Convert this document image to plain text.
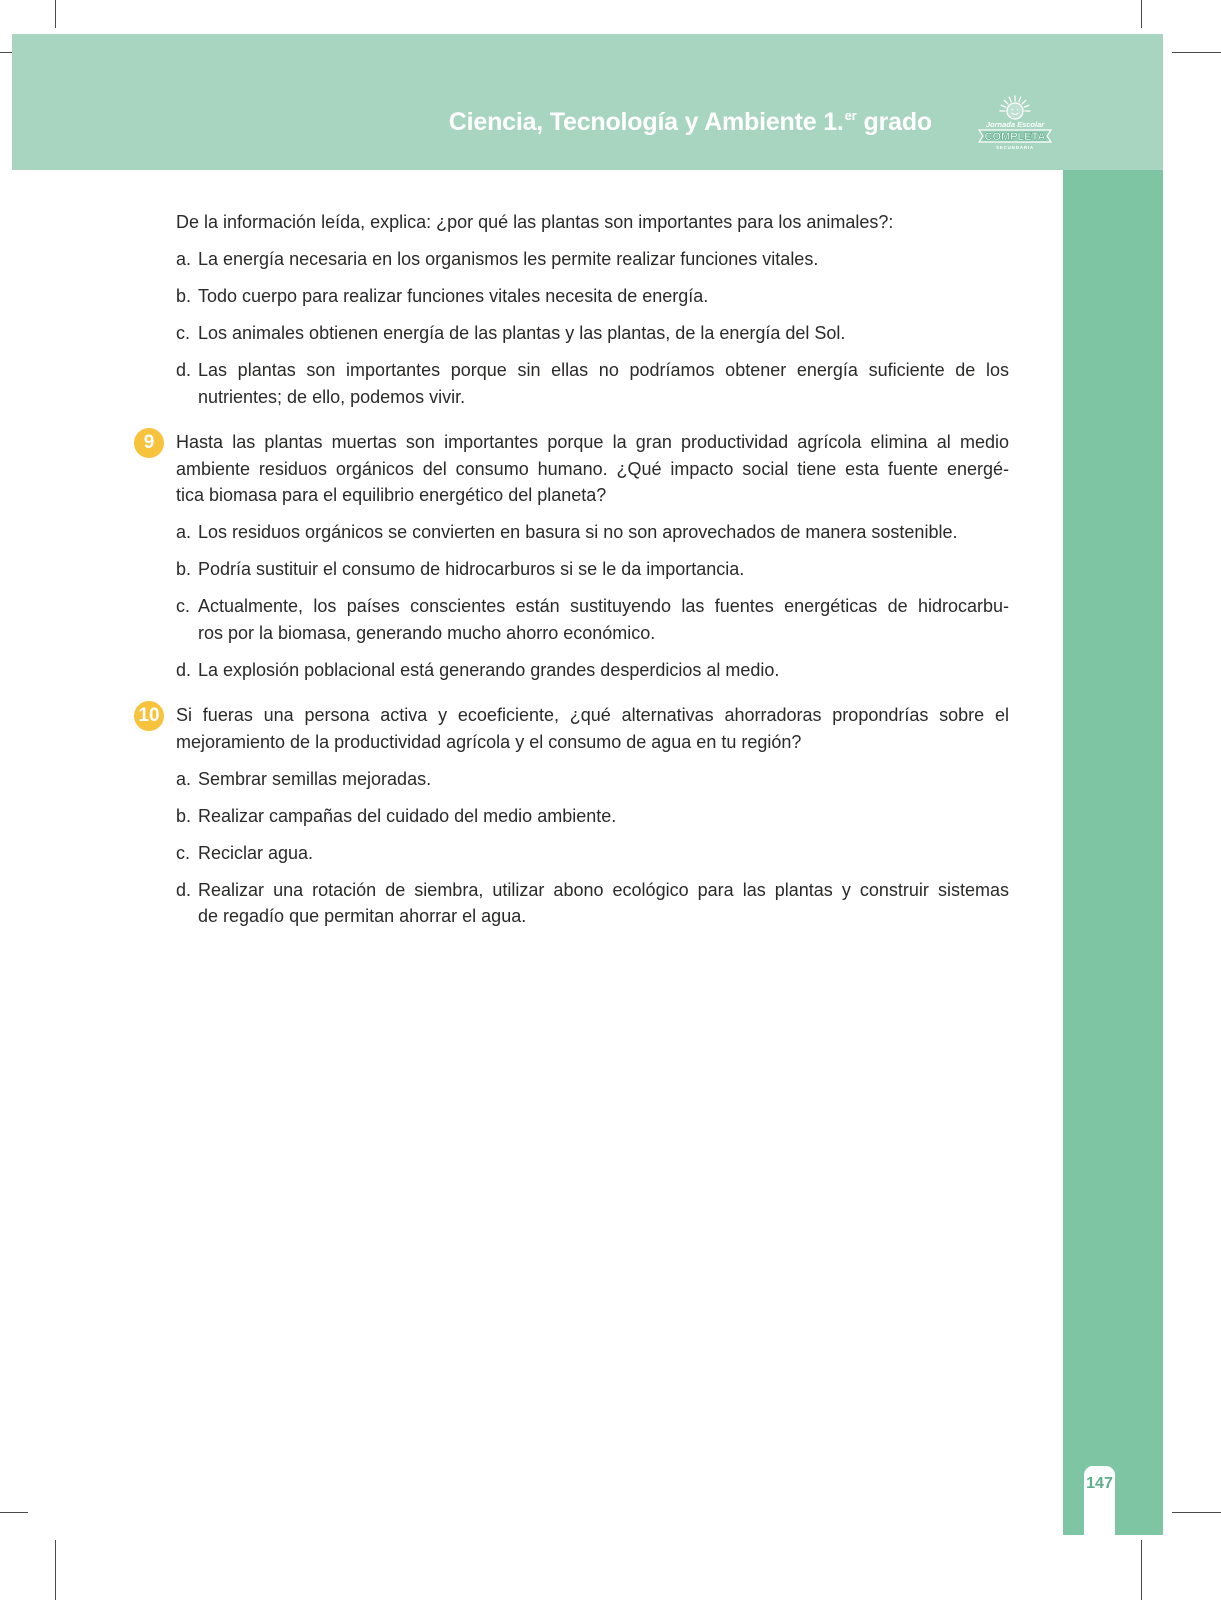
Ciencia, Tecnología y Ambiente 1.$^{er}$ grado	Jornada Escolar
COMPLETA
SECUNDARIA
De la información leída, explica: ¿por qué las plantas son importantes para los animales?:
a. La energía necesaria en los organismos les permite realizar funciones vitales.
b. Todo cuerpo para realizar funciones vitales necesita de energía.
c. Los animales obtienen energía de las plantas y las plantas, de la energía del Sol.
d. Las plantas son importantes porque sin ellas no podríamos obtener energía suficiente de los
nutrientes; de ello, podemos vivir.
9	Hasta las plantas muertas son importantes porque la gran productividad agrícola elimina al medio
ambiente residuos orgánicos del consumo humano. ¿Qué impacto social tiene esta fuente energé-
tica biomasa para el equilibrio energético del planeta?
a. Los residuos orgánicos se convierten en basura si no son aprovechados de manera sostenible.
b. Podría sustituir el consumo de hidrocarburos si se le da importancia.
c. Actualmente, los países conscientes están sustituyendo las fuentes energéticas de hidrocarbu-
ros por la biomasa, generando mucho ahorro económico.
d. La explosión poblacional está generando grandes desperdicios al medio.
10 Si fueras una persona activa y ecoeficiente, ¿qué alternativas ahorradoras propondrías sobre el
mejoramiento de la productividad agrícola y el consumo de agua en tu región?
a. Sembrar semillas mejoradas.
b. Realizar campañas del cuidado del medio ambiente.
c. Reciclar agua.
d. Realizar una rotación de siembra, utilizar abono ecológico para las plantas y construir sistemas
de regadío que permitan ahorrar el agua.
147
